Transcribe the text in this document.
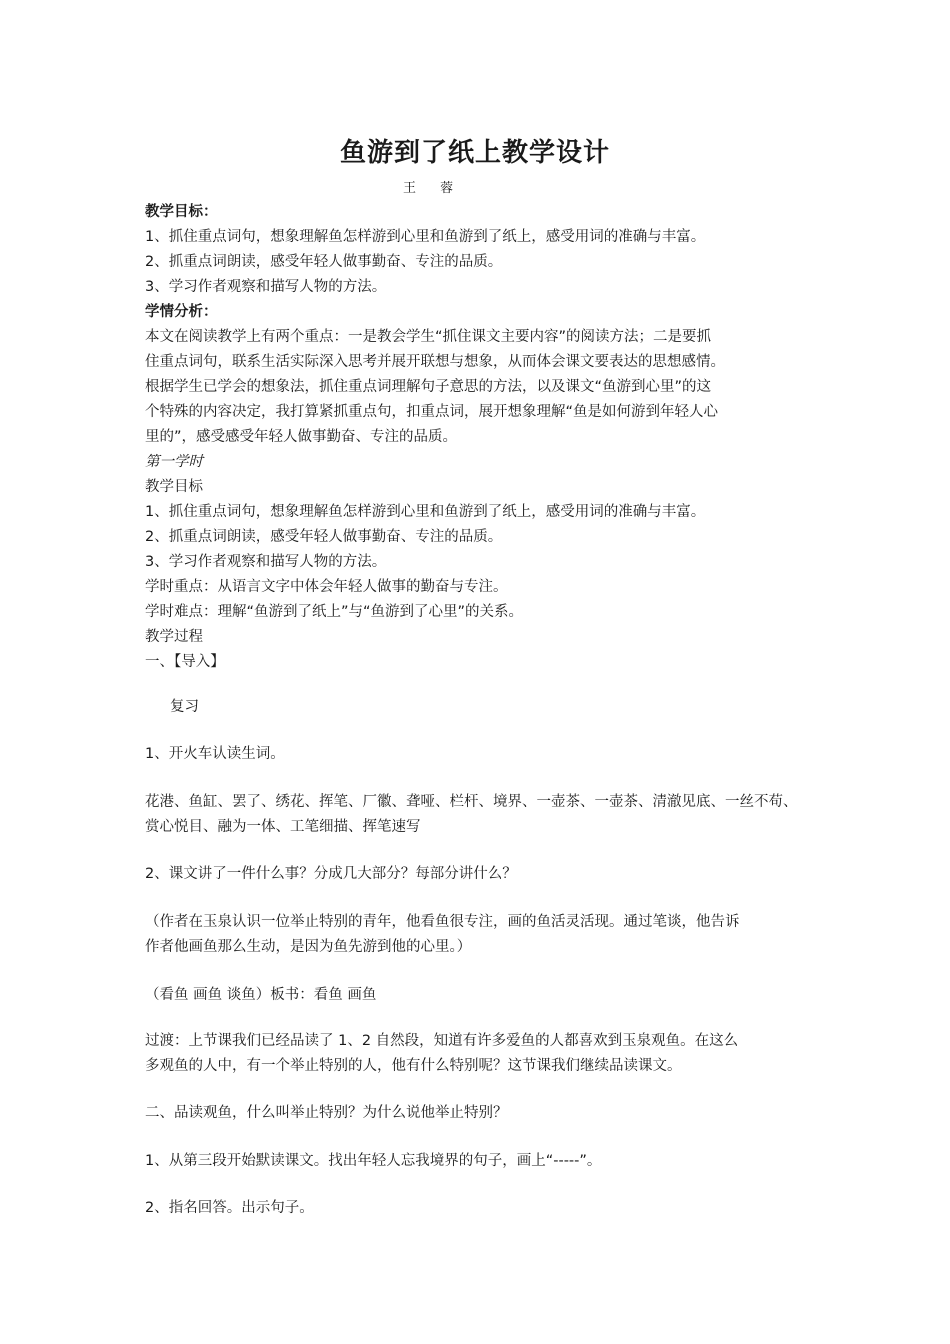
鱼游到了纸上教学设计
王 蓉
教学目标：
1、抓住重点词句，想象理解鱼怎样游到心里和鱼游到了纸上，感受用词的准确与丰富。
2、抓重点词朗读，感受年轻人做事勤奋、专注的品质。
3、学习作者观察和描写人物的方法。
学情分析：
本文在阅读教学上有两个重点：一是教会学生“抓住课文主要内容”的阅读方法；二是要抓
住重点词句，联系生活实际深入思考并展开联想与想象，从而体会课文要表达的思想感情。
根据学生已学会的想象法，抓住重点词理解句子意思的方法，以及课文“鱼游到心里”的这
个特殊的内容决定，我打算紧抓重点句，扣重点词，展开想象理解“鱼是如何游到年轻人心
里的”，感受感受年轻人做事勤奋、专注的品质。
第一学时
教学目标
1、抓住重点词句，想象理解鱼怎样游到心里和鱼游到了纸上，感受用词的准确与丰富。
2、抓重点词朗读，感受年轻人做事勤奋、专注的品质。
3、学习作者观察和描写人物的方法。
学时重点：从语言文字中体会年轻人做事的勤奋与专注。
学时难点：理解“鱼游到了纸上”与“鱼游到了心里”的关系。
教学过程
一、【导入】
复习
1、开火车认读生词。
花港、鱼缸、罢了、绣花、挥笔、厂徽、聋哑、栏杆、境界、一壶茶、一壶茶、清澈见底、一丝不苟、
赏心悦目、融为一体、工笔细描、挥笔速写
2、课文讲了一件什么事？分成几大部分？每部分讲什么？
（作者在玉泉认识一位举止特别的青年，他看鱼很专注，画的鱼活灵活现。通过笔谈，他告诉
作者他画鱼那么生动，是因为鱼先游到他的心里。）
（看鱼 画鱼 谈鱼）板书：看鱼 画鱼
过渡：上节课我们已经品读了 1、2 自然段，知道有许多爱鱼的人都喜欢到玉泉观鱼。在这么
多观鱼的人中，有一个举止特别的人，他有什么特别呢？这节课我们继续品读课文。
二、品读观鱼，什么叫举止特别？为什么说他举止特别？
1、从第三段开始默读课文。找出年轻人忘我境界的句子，画上“-----”。
2、指名回答。出示句子。
